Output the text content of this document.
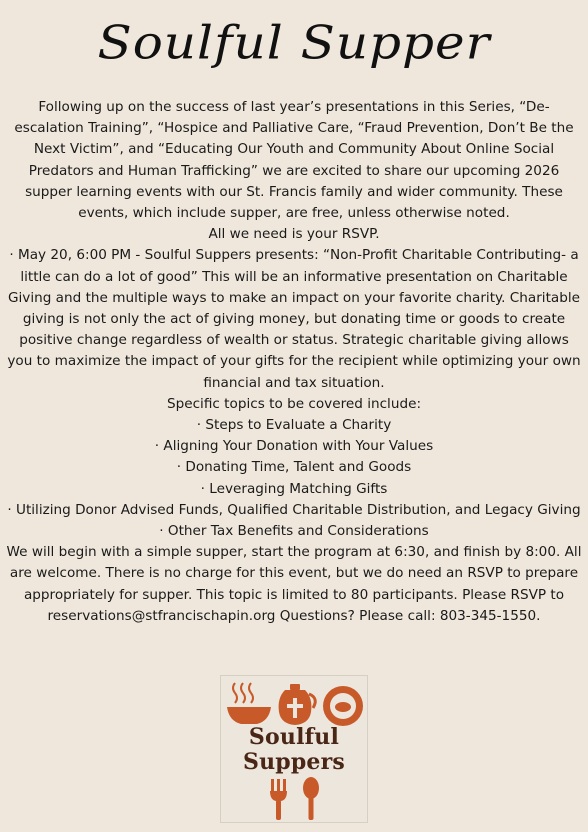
Soulful Supper

Following up on the success of last year’s presentations in this Series, “De-escalation Training”, “Hospice and Palliative Care, “Fraud Prevention, Don’t Be the Next Victim”, and “Educating Our Youth and Community About Online Social Predators and Human Trafficking” we are excited to share our upcoming 2026 supper learning events with our St. Francis family and wider community. These events, which include supper, are free, unless otherwise noted.

All we need is your RSVP.

· May 20, 6:00 PM - Soulful Suppers presents: “Non-Profit Charitable Contributing- a little can do a lot of good” This will be an informative presentation on Charitable Giving and the multiple ways to make an impact on your favorite charity. Charitable giving is not only the act of giving money, but donating time or goods to create positive change regardless of wealth or status. Strategic charitable giving allows you to maximize the impact of your gifts for the recipient while optimizing your own financial and tax situation.

Specific topics to be covered include:

· Steps to Evaluate a Charity

· Aligning Your Donation with Your Values

· Donating Time, Talent and Goods

· Leveraging Matching Gifts

· Utilizing Donor Advised Funds, Qualified Charitable Distribution, and Legacy Giving

· Other Tax Benefits and Considerations

We will begin with a simple supper, start the program at 6:30, and finish by 8:00. All are welcome. There is no charge for this event, but we do need an RSVP to prepare appropriately for supper. This topic is limited to 80 participants. Please RSVP to reservations@stfrancischapin.org Questions? Please call: 803-345-1550.

Soulful
Suppers
